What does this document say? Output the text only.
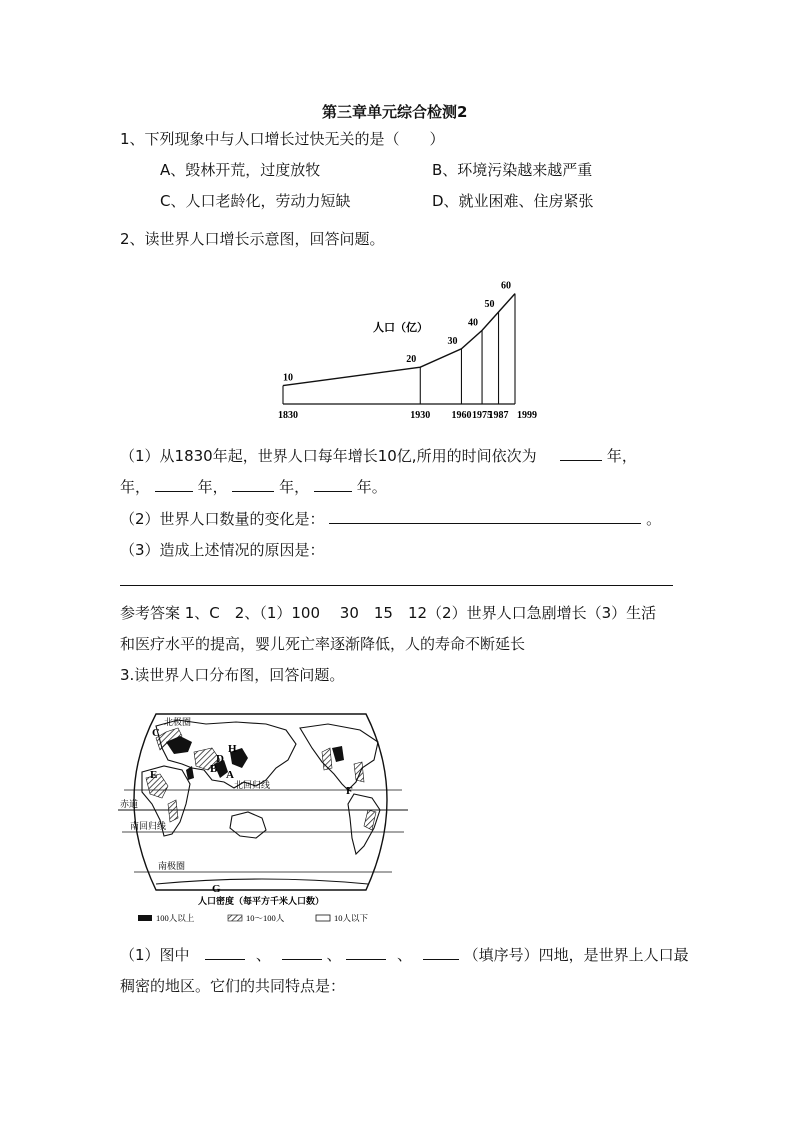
第三章单元综合检测2
1、下列现象中与人口增长过快无关的是（　　）
A、毁林开荒，过度放牧	B、环境污染越来越严重
C、人口老龄化，劳动力短缺	D、就业困难、住房紧张
2、读世界人口增长示意图，回答问题。
10
20
30
40
50
60
1830	1930 1960 1975
1987 1999
人口（亿）
（1）从1830年起，世界人口每年增长10亿,所用的时间依次为	年，
年，	年，	年，	年。
（2）世界人口数量的变化是：	。
（3）造成上述情况的原因是：
参考答案 1、C　2、（1）100　 30　15　12（2）世界人口急剧增长（3）生活
和医疗水平的提高，婴儿死亡率逐渐降低，人的寿命不断延长
3.读世界人口分布图，回答问题。
C
D
H
B A
E
F
G
北极圈
北回归线
赤道
南回归线
南极圈
人口密度（每平方千米人口数）
100人以上	10～100人	10人以下
（1）图中	、	、	、	（填序号）四地，是世界上人口最
稠密的地区。它们的共同特点是：
